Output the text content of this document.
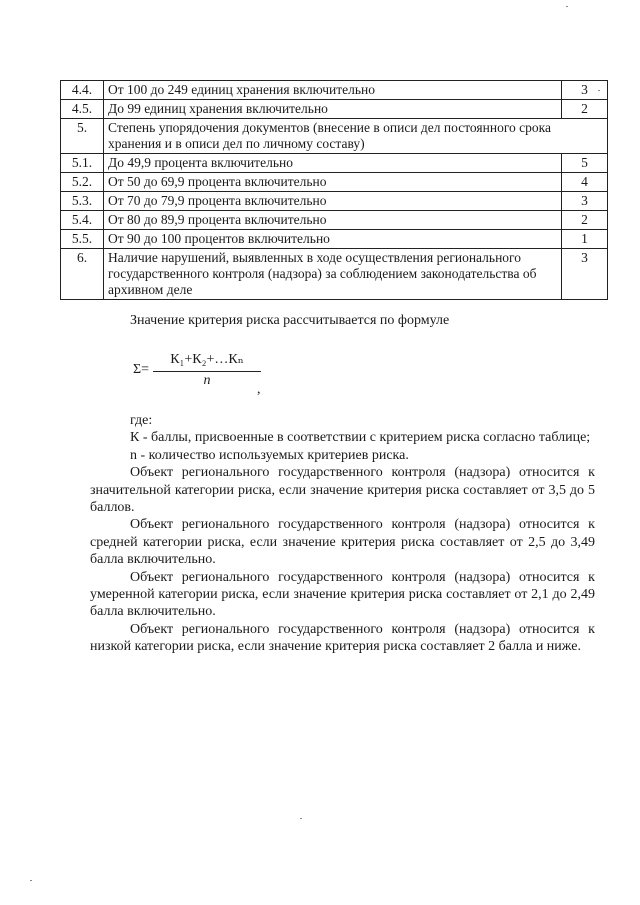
4.4.	От 100 до 249 единиц хранения включительно	3
4.5.	До 99 единиц хранения включительно	2
5.	Степень упорядочения документов (внесение в описи дел постоянного срока хранения и в описи дел по личному составу)	
5.1.	До 49,9 процента включительно	5
5.2.	От 50 до 69,9 процента включительно	4
5.3.	От 70 до 79,9 процента включительно	3
5.4.	От 80 до 89,9 процента включительно	2
5.5.	От 90 до 100 процентов включительно	1
6.	Наличие нарушений, выявленных в ходе осуществления регионального государственного контроля (надзора) за соблюдением законодательства об архивном деле	3
Значение критерия риска рассчитывается по формуле
Σ=
К₁+К₂+…Кₙ
n
,

где:

К - баллы, присвоенные в соответствии с критерием риска согласно таблице;

n - количество используемых критериев риска.

Объект регионального государственного контроля (надзора) относится к значительной категории риска, если значение критерия риска составляет от 3,5 до 5 баллов.

Объект регионального государственного контроля (надзора) относится к средней категории риска, если значение критерия риска составляет от 2,5 до 3,49 балла включительно.

Объект регионального государственного контроля (надзора) относится к умеренной категории риска, если значение критерия риска составляет от 2,1 до 2,49 балла включительно.

Объект регионального государственного контроля (надзора) относится к низкой категории риска, если значение критерия риска составляет 2 балла и ниже.
